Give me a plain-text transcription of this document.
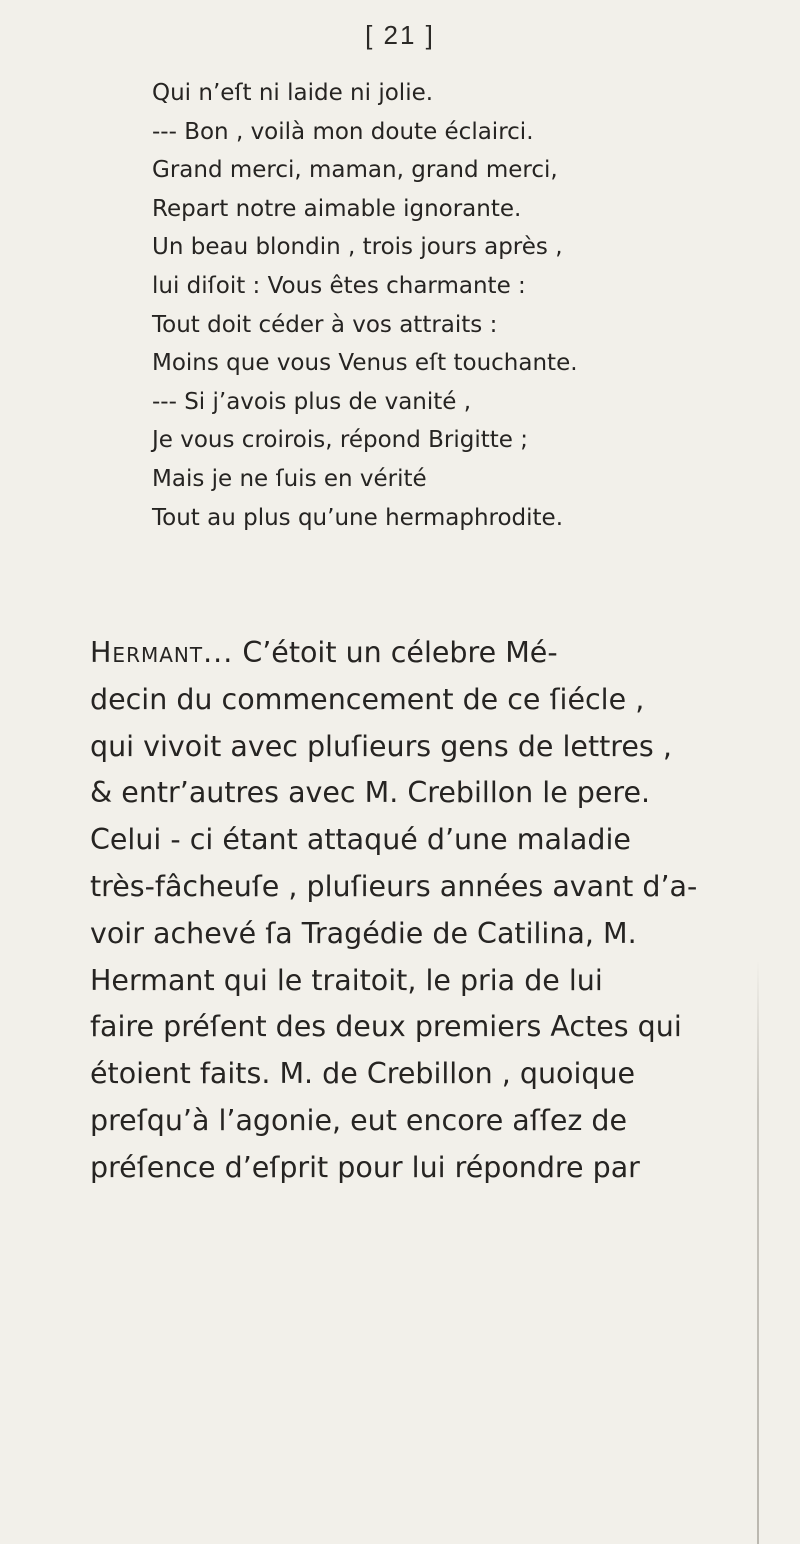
[ 21 ]
Qui n’eſt ni laide ni jolie.
--- Bon , voilà mon doute éclairci.
Grand merci, maman, grand merci,
Repart notre aimable ignorante.
Un beau blondin , trois jours après ,
lui diſoit : Vous êtes charmante :
Tout doit céder à vos attraits :
Moins que vous Venus eſt touchante.
--- Si j’avois plus de vanité ,
Je vous croirois, répond Brigitte ;
Mais je ne ſuis en vérité
Tout au plus qu’une hermaphrodite.
Hermant... C’étoit un célebre Mé-
decin du commencement de ce ſiécle ,
qui vivoit avec pluſieurs gens de lettres ,
& entr’autres avec M. Crebillon le pere.
Celui - ci étant attaqué d’une maladie
très-fâcheuſe , pluſieurs années avant d’a-
voir achevé ſa Tragédie de Catilina, M.
Hermant qui le traitoit, le pria de lui
faire préſent des deux premiers Actes qui
étoient faits. M. de Crebillon , quoique
preſqu’à l’agonie, eut encore aſſez de
préſence d’eſprit pour lui répondre par
